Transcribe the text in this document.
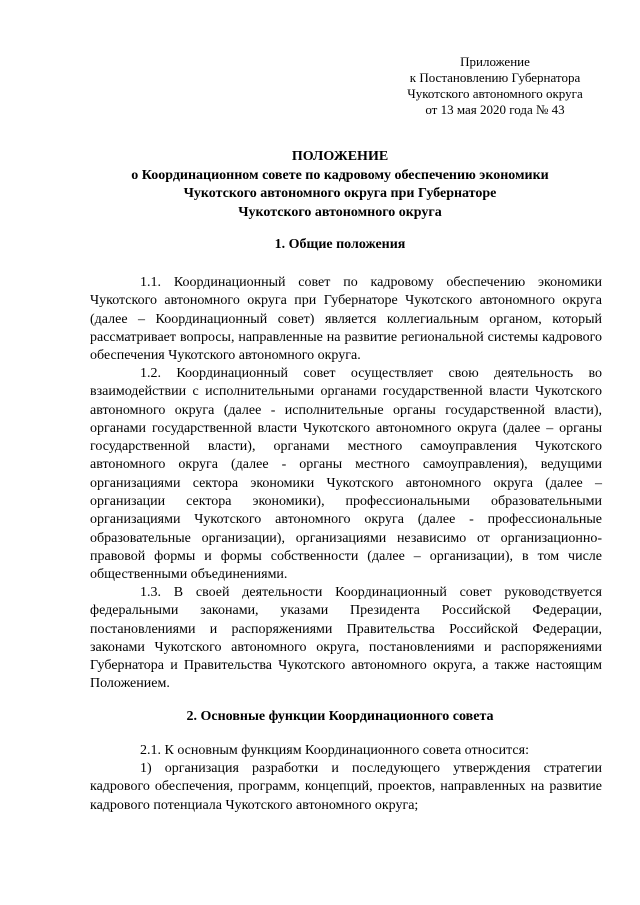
Приложение
к Постановлению Губернатора
Чукотского автономного округа
от 13 мая 2020 года № 43
ПОЛОЖЕНИЕ
о Координационном совете по кадровому обеспечению экономики
Чукотского автономного округа при Губернаторе
Чукотского автономного округа
1. Общие положения
1.1. Координационный совет по кадровому обеспечению экономики Чукотского автономного округа при Губернаторе Чукотского автономного округа (далее – Координационный совет) является коллегиальным органом, который рассматривает вопросы, направленные на развитие региональной системы кадрового обеспечения Чукотского автономного округа.
1.2. Координационный совет осуществляет свою деятельность во взаимодействии с исполнительными органами государственной власти Чукотского автономного округа (далее - исполнительные органы государственной власти), органами государственной власти Чукотского автономного округа (далее – органы государственной власти), органами местного самоуправления Чукотского автономного округа (далее - органы местного самоуправления), ведущими организациями сектора экономики Чукотского автономного округа (далее – организации сектора экономики), профессиональными образовательными организациями Чукотского автономного округа (далее - профессиональные образовательные организации), организациями независимо от организационно-правовой формы и формы собственности (далее – организации), в том числе общественными объединениями.
1.3. В своей деятельности Координационный совет руководствуется федеральными законами, указами Президента Российской Федерации, постановлениями и распоряжениями Правительства Российской Федерации, законами Чукотского автономного округа, постановлениями и распоряжениями Губернатора и Правительства Чукотского автономного округа, а также настоящим Положением.
2. Основные функции Координационного совета
2.1. К основным функциям Координационного совета относится:
1) организация разработки и последующего утверждения стратегии кадрового обеспечения, программ, концепций, проектов, направленных на развитие кадрового потенциала Чукотского автономного округа;
